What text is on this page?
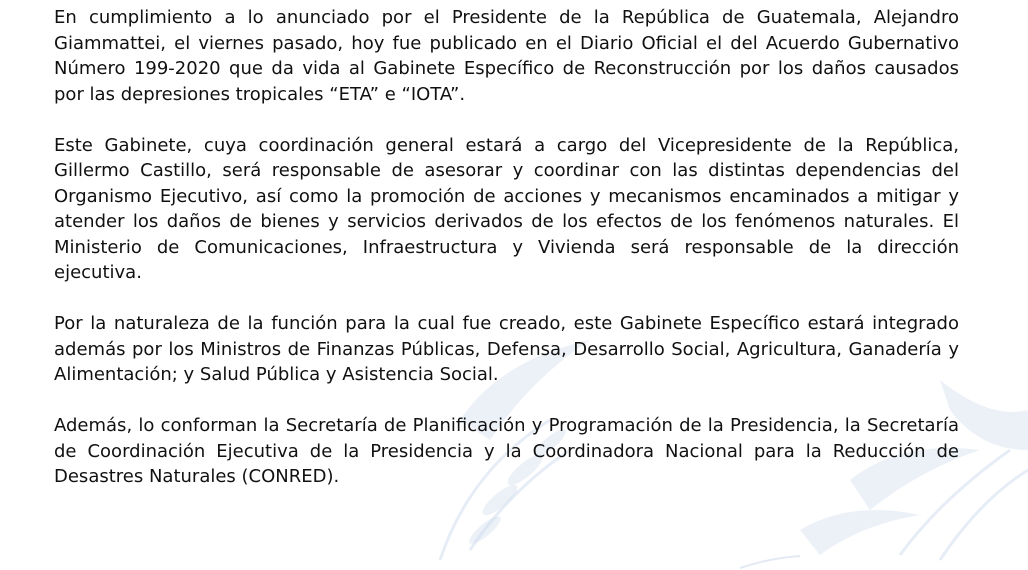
En cumplimiento a lo anunciado por el Presidente de la República de Guatemala, Alejandro Giammattei, el viernes pasado, hoy fue publicado en el Diario Oficial el del Acuerdo Gubernativo Número 199-2020 que da vida al Gabinete Específico de Reconstrucción por los daños causados por las depresiones tropicales “ETA” e “IOTA”.

Este Gabinete, cuya coordinación general estará a cargo del Vicepresidente de la República, Gillermo Castillo, será responsable de asesorar y coordinar con las distintas dependencias del Organismo Ejecutivo, así como la promoción de acciones y mecanismos encaminados a mitigar y atender los daños de bienes y servicios derivados de los efectos de los fenómenos naturales. El Ministerio de Comunicaciones, Infraestructura y Vivienda será responsable de la dirección ejecutiva.

Por la naturaleza de la función para la cual fue creado, este Gabinete Específico estará integrado además por los Ministros de Finanzas Públicas, Defensa, Desarrollo Social, Agricultura, Ganadería y Alimentación; y Salud Pública y Asistencia Social.

Además, lo conforman la Secretaría de Planificación y Programación de la Presidencia, la Secretaría de Coordinación Ejecutiva de la Presidencia y la Coordinadora Nacional para la Reducción de Desastres Naturales (CONRED).
